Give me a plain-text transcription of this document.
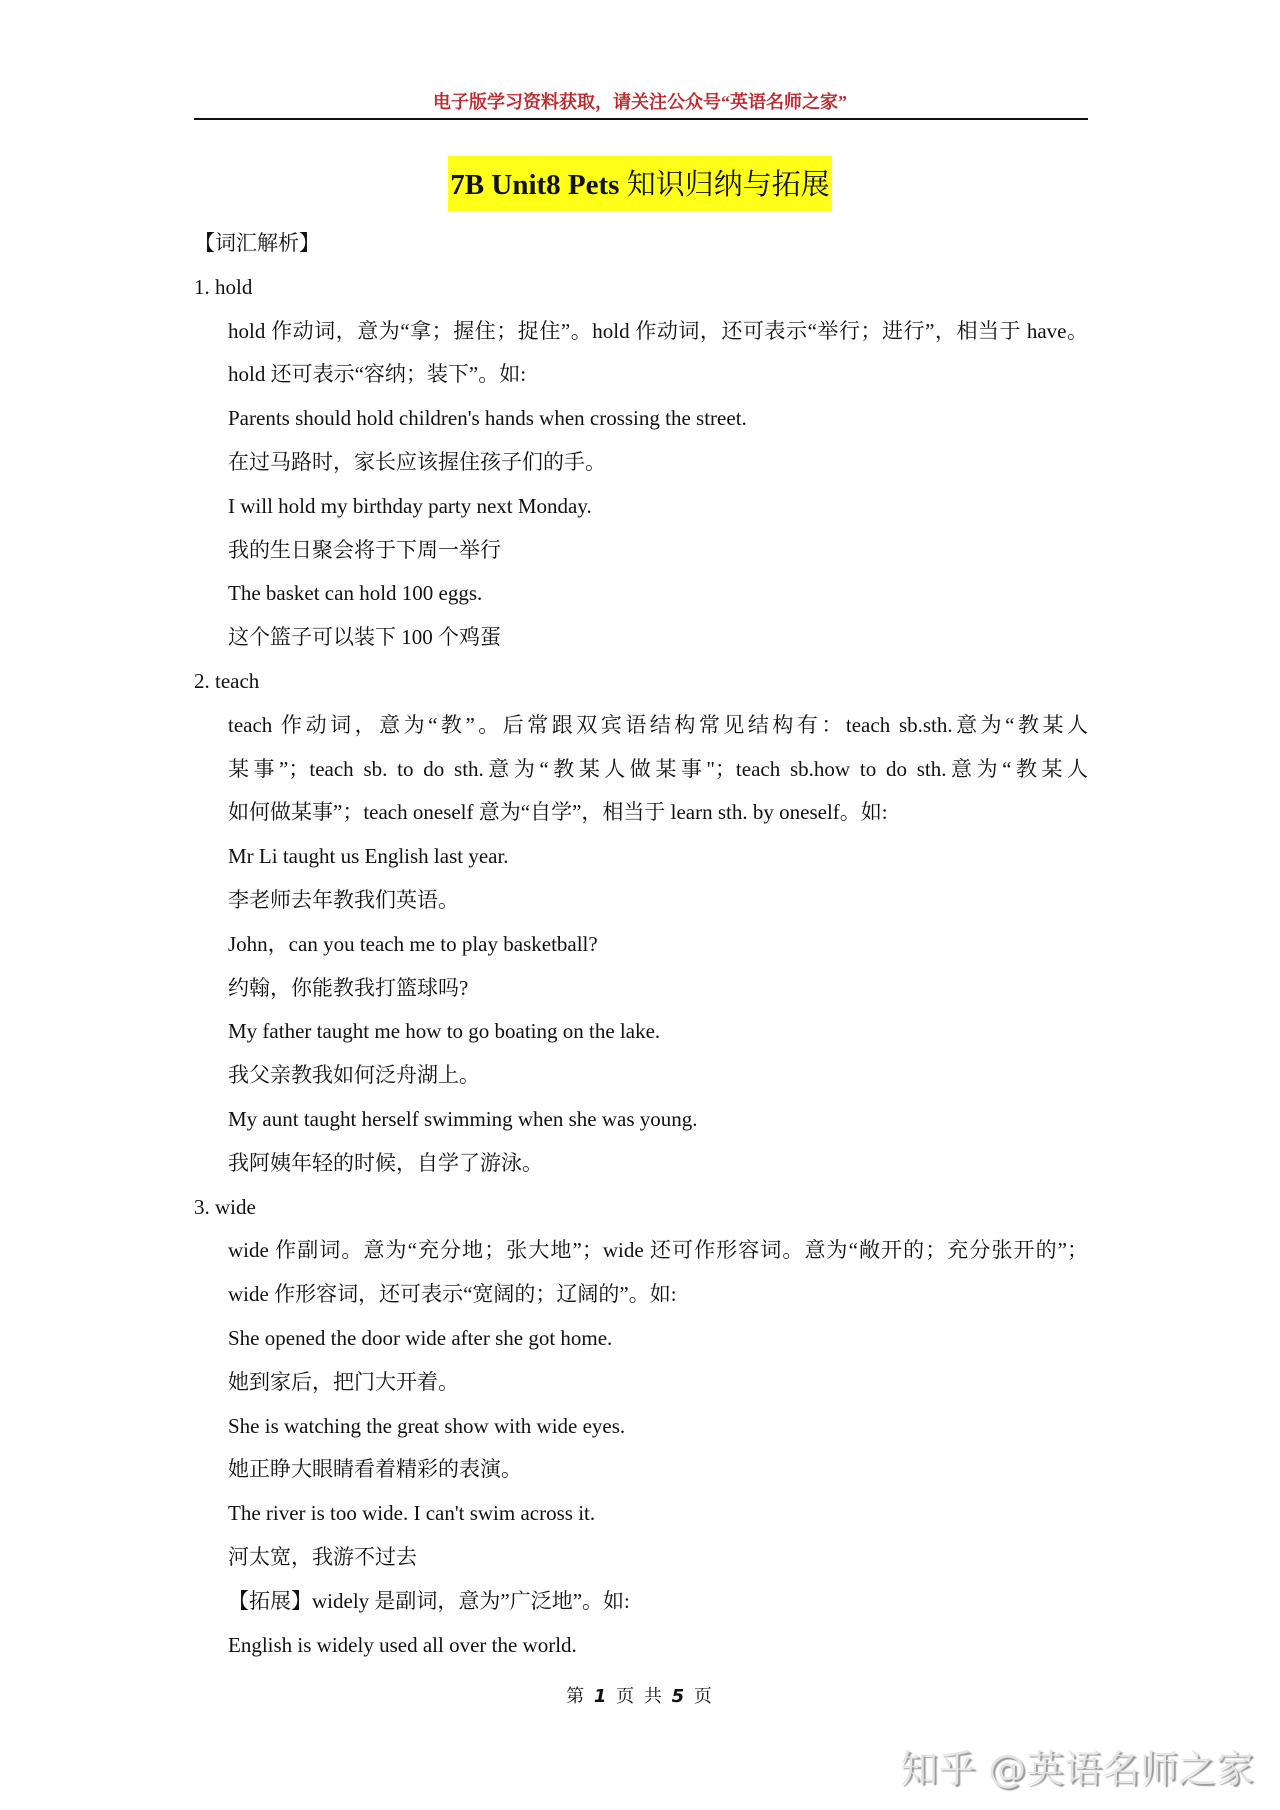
电子版学习资料获取，请关注公众号“英语名师之家”
7B Unit8 Pets 知识归纳与拓展
【词汇解析】
1. hold
hold 作动词，意为“拿；握住；捉住”。hold 作动词，还可表示“举行；进行”，相当于 have。
hold 还可表示“容纳；装下”。如:
Parents should hold children's hands when crossing the street.
在过马路时，家长应该握住孩子们的手。
I will hold my birthday party next Monday.
我的生日聚会将于下周一举行
The basket can hold 100 eggs.
这个篮子可以装下 100 个鸡蛋
2. teach
teach 作动词，意为“教”。后常跟双宾语结构常见结构有：teach sb.sth.意为“教某人
某事”；teach sb. to do sth.意为“教某人做某事"；teach sb.how to do sth.意为“教某人
如何做某事”；teach oneself 意为“自学”，相当于 learn sth. by oneself。如:
Mr Li taught us English last year.
李老师去年教我们英语。
John，can you teach me to play basketball?
约翰，你能教我打篮球吗?
My father taught me how to go boating on the lake.
我父亲教我如何泛舟湖上。
My aunt taught herself swimming when she was young.
我阿姨年轻的时候，自学了游泳。
3. wide
wide 作副词。意为“充分地；张大地”；wide 还可作形容词。意为“敞开的；充分张开的”；
wide 作形容词，还可表示“宽阔的；辽阔的”。如:
She opened the door wide after she got home.
她到家后，把门大开着。
She is watching the great show with wide eyes.
她正睁大眼睛看着精彩的表演。
The river is too wide. I can't swim across it.
河太宽，我游不过去
【拓展】widely 是副词，意为”广泛地”。如:
English is widely used all over the world.
第 1 页 共 5 页
知乎 @英语名师之家
